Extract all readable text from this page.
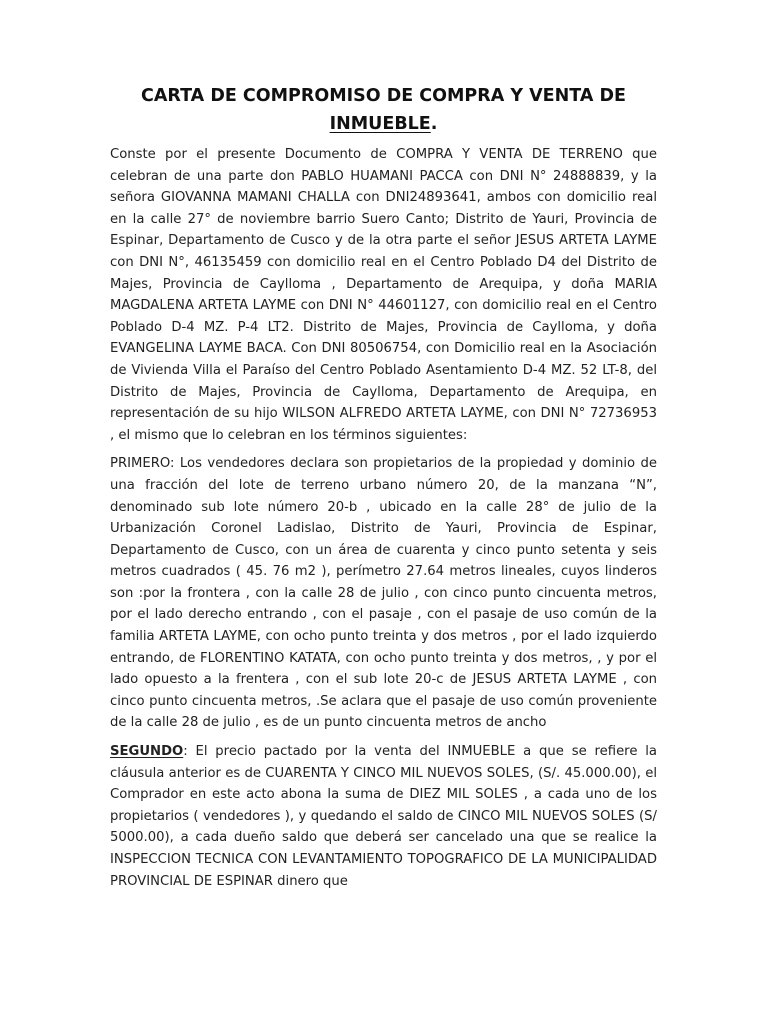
CARTA DE COMPROMISO DE COMPRA Y VENTA DE
INMUEBLE.

Conste por el presente Documento de COMPRA Y VENTA DE TERRENO que celebran de una parte don PABLO HUAMANI PACCA con DNI N° 24888839, y la señora GIOVANNA MAMANI CHALLA con DNI24893641, ambos con domicilio real en la calle 27° de noviembre barrio Suero Canto; Distrito de Yauri, Provincia de Espinar, Departamento de Cusco y de la otra parte el señor JESUS ARTETA LAYME con DNI N°, 46135459 con domicilio real en el Centro Poblado D4 del Distrito de Majes, Provincia de Caylloma , Departamento de Arequipa, y doña MARIA MAGDALENA ARTETA LAYME con DNI N° 44601127, con domicilio real en el Centro Poblado D-4 MZ. P-4 LT2. Distrito de Majes, Provincia de Caylloma, y doña EVANGELINA LAYME BACA. Con DNI 80506754, con Domicilio real en la Asociación de Vivienda Villa el Paraíso del Centro Poblado Asentamiento D-4 MZ. 52 LT-8, del Distrito de Majes, Provincia de Caylloma, Departamento de Arequipa, en representación de su hijo WILSON ALFREDO ARTETA LAYME, con DNI N° 72736953 , el mismo que lo celebran en los términos siguientes:

PRIMERO: Los vendedores declara son propietarios de la propiedad y dominio de una fracción del lote de terreno urbano número 20, de la manzana “N”, denominado sub lote número 20-b , ubicado en la calle 28° de julio de la Urbanización Coronel Ladislao, Distrito de Yauri, Provincia de Espinar, Departamento de Cusco, con un área de cuarenta y cinco punto setenta y seis metros cuadrados ( 45. 76 m2 ), perímetro 27.64 metros lineales, cuyos linderos son :por la frontera , con la calle 28 de julio , con cinco punto cincuenta metros, por el lado derecho entrando , con el pasaje , con el pasaje de uso común de la familia ARTETA LAYME, con ocho punto treinta y dos metros , por el lado izquierdo entrando, de FLORENTINO KATATA, con ocho punto treinta y dos metros, , y por el lado opuesto a la frentera , con el sub lote 20-c de JESUS ARTETA LAYME , con cinco punto cincuenta metros, .Se aclara que el pasaje de uso común proveniente de la calle 28 de julio , es de un punto cincuenta metros de ancho

SEGUNDO: El precio pactado por la venta del INMUEBLE a que se refiere la cláusula anterior es de CUARENTA Y CINCO MIL NUEVOS SOLES, (S/. 45.000.00), el Comprador en este acto abona la suma de DIEZ MIL SOLES , a cada uno de los propietarios ( vendedores ), y quedando el saldo de CINCO MIL NUEVOS SOLES (S/ 5000.00), a cada dueño saldo que deberá ser cancelado una que se realice la INSPECCION TECNICA CON LEVANTAMIENTO TOPOGRAFICO DE LA MUNICIPALIDAD PROVINCIAL DE ESPINAR dinero que
